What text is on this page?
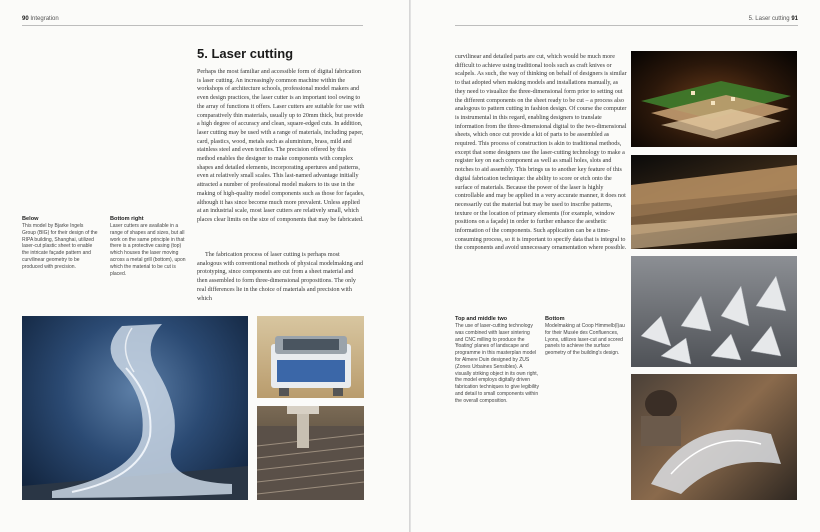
90 Integration
5. Laser cutting

Perhaps the most familiar and accessible form of digital fabrication is laser cutting. An increasingly common machine within the workshops of architecture schools, professional model makers and even design practices, the laser cutter is an important tool owing to the array of functions it offers. Laser cutters are suitable for use with comparatively thin materials, usually up to 20mm thick, but provide a high degree of accuracy and clean, square-edged cuts. In addition, laser cutting may be used with a range of materials, including paper, card, plastics, wood, metals such as aluminium, brass, mild and stainless steel and even textiles. The precision offered by this method enables the designer to make components with complex shapes and detailed elements, incorporating apertures and patterns, even at relatively small scales. This last-named advantage initially attracted a number of professional model makers to its use in the making of high-quality model components such as those for façades, although it has since become much more prevalent. Unless applied at an industrial scale, most laser cutters are relatively small, which places clear limits on the size of components that may be fabricated.

The fabrication process of laser cutting is perhaps most analogous with conventional methods of physical modelmaking and prototyping, since components are cut from a sheet material and then assembled to form three-dimensional propositions. The only real differences lie in the choice of materials and precision with which

Below

This model by Bjarke Ingels Group (BIG) for their design of the RIPA building, Shanghai, utilized laser-cut plastic sheet to enable the intricate façade pattern and curvilinear geometry to be produced with precision.

Bottom right

Laser cutters are available in a range of shapes and sizes, but all work on the same principle in that there is a protective casing (top) which houses the laser moving across a metal grill (bottom), upon which the material to be cut is placed.

5. Laser cutting 91

curvilinear and detailed parts are cut, which would be much more difficult to achieve using traditional tools such as craft knives or scalpels. As such, the way of thinking on behalf of designers is similar to that adopted when making models and installations manually, as they need to visualize the three-dimensional form prior to setting out the different components on the sheet ready to be cut – a process also analogous to pattern cutting in fashion design. Of course the computer is instrumental in this regard, enabling designers to translate information from the three-dimensional digital to the two-dimensional sheets, which once cut provide a kit of parts to be assembled as required. This process of construction is akin to traditional methods, except that some designers use the laser-cutting technology to make a register key on each component as well as small holes, slots and notches to aid assembly. This brings us to another key feature of this digital fabrication technique: the ability to score or etch onto the surface of materials. Because the power of the laser is highly controllable and may be applied in a very accurate manner, it does not necessarily cut the material but may be used to inscribe patterns, texture or the location of primary elements (for example, window positions on a façade) in order to further enhance the aesthetic information of the components. Such application can be a time-consuming process, so it is important to specify data that is integral to the components and avoid unnecessary ornamentation where possible.

Top and middle two

The use of laser-cutting technology was combined with laser sintering and CNC milling to produce the 'floating' planes of landscape and programme in this masterplan model for Almere Duin designed by ZUS (Zones Urbaines Sensibles). A visually striking object in its own right, the model employs digitally driven fabrication techniques to give legibility and detail to small components within the overall composition.

Bottom

Modelmaking at Coop Himmelb(l)au for their Musée des Confluences, Lyons, utilizes laser-cut and scored panels to achieve the surface geometry of the building's design.
